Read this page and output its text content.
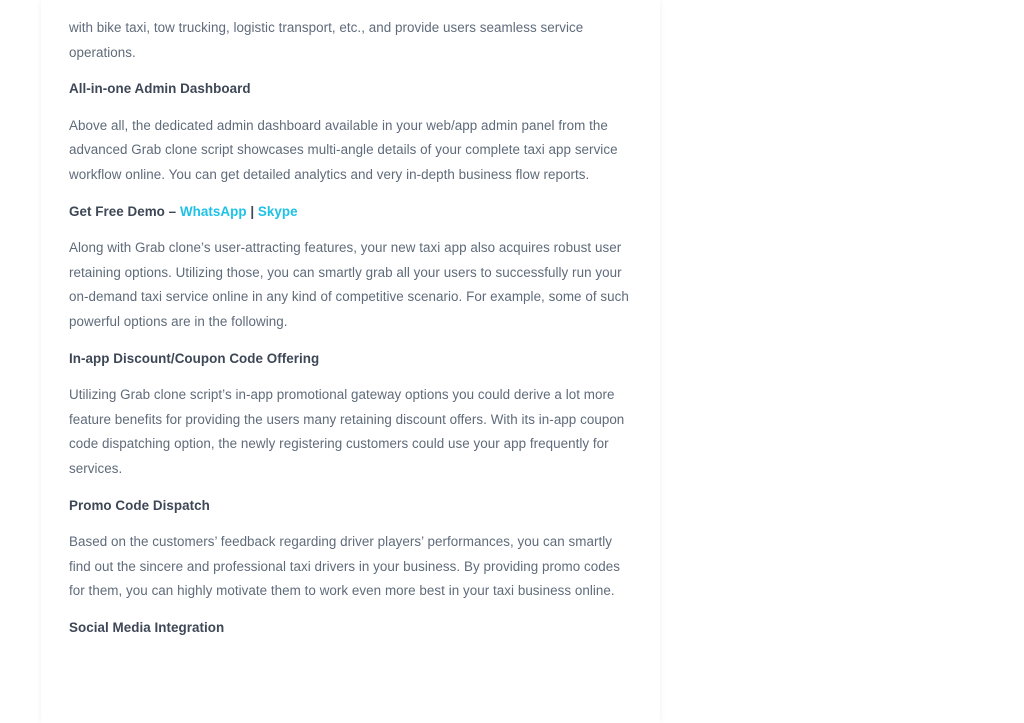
with bike taxi, tow trucking, logistic transport, etc., and provide users seamless service operations.

All-in-one Admin Dashboard

Above all, the dedicated admin dashboard available in your web/app admin panel from the advanced Grab clone script showcases multi-angle details of your complete taxi app service workflow online. You can get detailed analytics and very in-depth business flow reports.

Get Free Demo – WhatsApp | Skype

Along with Grab clone’s user-attracting features, your new taxi app also acquires robust user retaining options. Utilizing those, you can smartly grab all your users to successfully run your on-demand taxi service online in any kind of competitive scenario. For example, some of such powerful options are in the following.

In-app Discount/Coupon Code Offering

Utilizing Grab clone script’s in-app promotional gateway options you could derive a lot more feature benefits for providing the users many retaining discount offers. With its in-app coupon code dispatching option, the newly registering customers could use your app frequently for services.

Promo Code Dispatch

Based on the customers’ feedback regarding driver players’ performances, you can smartly find out the sincere and professional taxi drivers in your business. By providing promo codes for them, you can highly motivate them to work even more best in your taxi business online.

Social Media Integration
